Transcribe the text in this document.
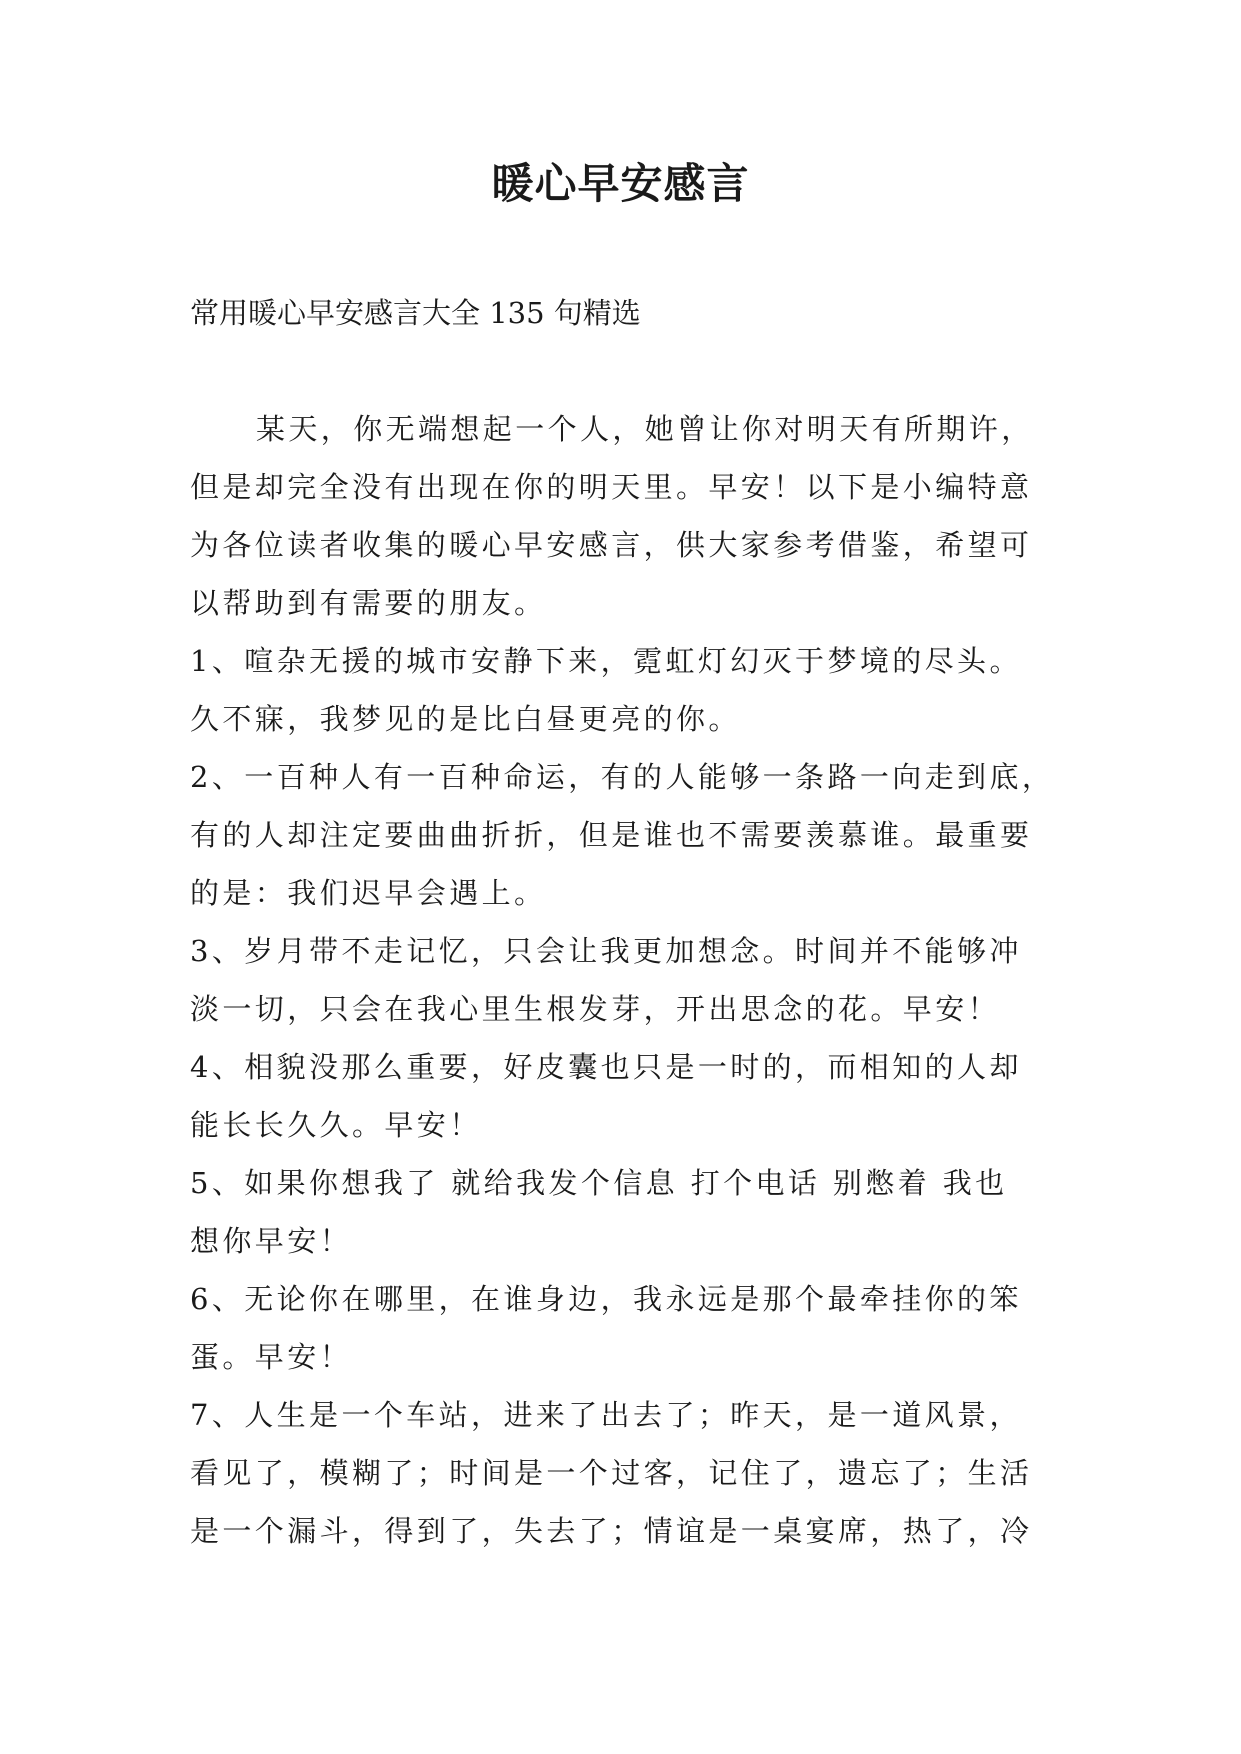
暖心早安感言
常用暖心早安感言大全 135 句精选
某天，你无端想起一个人，她曾让你对明天有所期许，
但是却完全没有出现在你的明天里。早安！以下是小编特意
为各位读者收集的暖心早安感言，供大家参考借鉴，希望可
以帮助到有需要的朋友。
1、喧杂无援的城市安静下来，霓虹灯幻灭于梦境的尽头。
久不寐，我梦见的是比白昼更亮的你。
2、一百种人有一百种命运，有的人能够一条路一向走到底，
有的人却注定要曲曲折折，但是谁也不需要羡慕谁。最重要
的是：我们迟早会遇上。
3、岁月带不走记忆，只会让我更加想念。时间并不能够冲
淡一切，只会在我心里生根发芽，开出思念的花。早安！
4、相貌没那么重要，好皮囊也只是一时的，而相知的人却
能长长久久。早安！
5、如果你想我了 就给我发个信息 打个电话 别憋着 我也
想你早安！
6、无论你在哪里，在谁身边，我永远是那个最牵挂你的笨
蛋。早安！
7、人生是一个车站，进来了出去了；昨天，是一道风景，
看见了，模糊了；时间是一个过客，记住了，遗忘了；生活
是一个漏斗，得到了，失去了；情谊是一桌宴席，热了，冷
